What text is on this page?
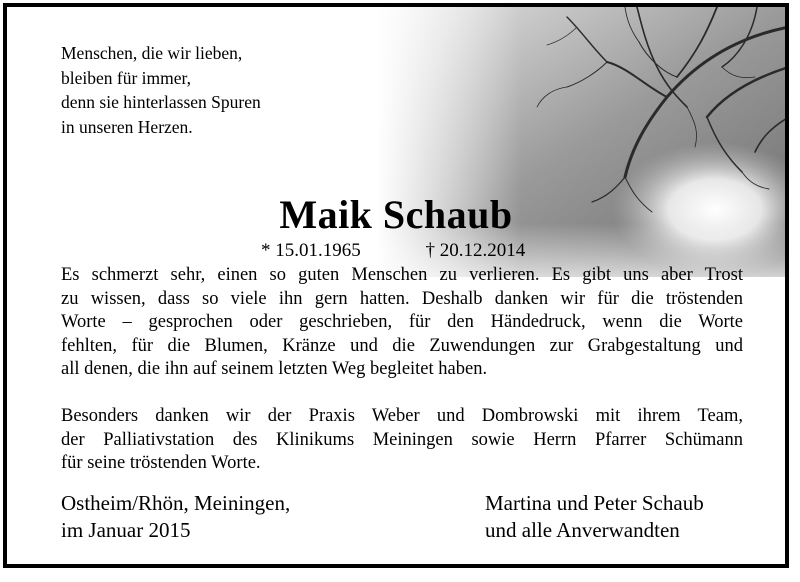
Menschen, die wir lieben,
bleiben für immer,
denn sie hinterlassen Spuren
in unseren Herzen.
Maik Schaub
* 15.01.1965	† 20.12.2014
Es schmerzt sehr, einen so guten Menschen zu verlieren. Es gibt uns aber Trost
zu wissen, dass so viele ihn gern hatten. Deshalb danken wir für die tröstenden
Worte – gesprochen oder geschrieben, für den Händedruck, wenn die Worte
fehlten, für die Blumen, Kränze und die Zuwendungen zur Grabgestaltung und
all denen, die ihn auf seinem letzten Weg begleitet haben.
Besonders danken wir der Praxis Weber und Dombrowski mit ihrem Team,
der Palliativstation des Klinikums Meiningen sowie Herrn Pfarrer Schümann
für seine tröstenden Worte.
Ostheim/Rhön, Meiningen,
im Januar 2015
Martina und Peter Schaub
und alle Anverwandten
